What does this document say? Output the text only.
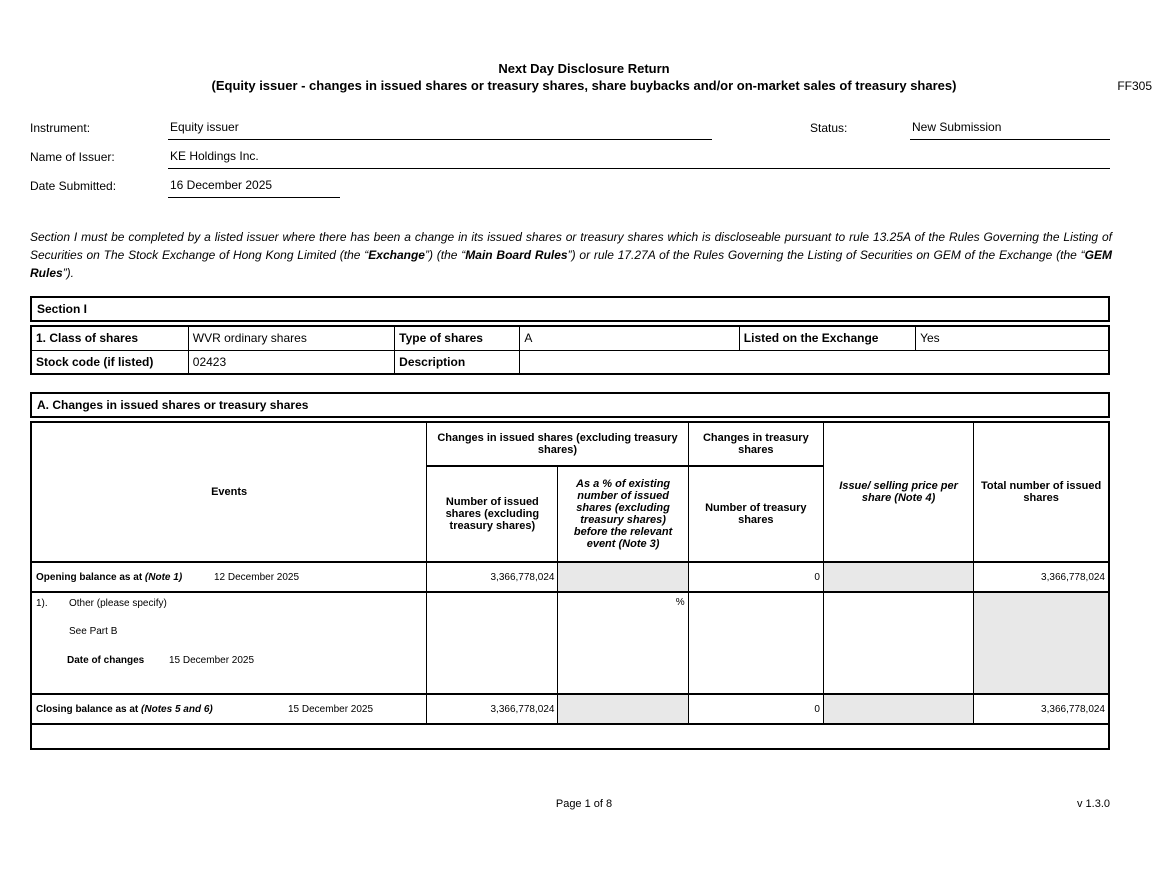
FF305
Next Day Disclosure Return
(Equity issuer - changes in issued shares or treasury shares, share buybacks and/or on-market sales of treasury shares)
Instrument:	Equity issuer	Status:	New Submission
Name of Issuer:	KE Holdings Inc.
Date Submitted:	16 December 2025
Section I must be completed by a listed issuer where there has been a change in its issued shares or treasury shares which is discloseable pursuant to rule 13.25A of the Rules Governing the Listing of Securities on The Stock Exchange of Hong Kong Limited (the “Exchange”) (the “Main Board Rules”) or rule 17.27A of the Rules Governing the Listing of Securities on GEM of the Exchange (the “GEM Rules”).
Section I
1. Class of shares	WVR ordinary shares	Type of shares	A	Listed on the Exchange	Yes
Stock code (if listed)	02423	Description			
A. Changes in issued shares or treasury shares
Events	Changes in issued shares (excluding treasury shares)		Changes in treasury shares	Issue/ selling price per share (Note 4)	Total number of issued shares
	Number of issued shares (excluding treasury shares)	As a % of existing number of issued shares (excluding treasury shares) before the relevant event (Note 3)	Number of treasury shares		

Opening balance as at (Note 1) 12 December 2025	3,366,778,024		0		3,366,778,024

1). Other (please specify)
See Part B
Date of changes 15 December 2025		%			

Closing balance as at (Notes 5 and 6) 15 December 2025	3,366,778,024		0		3,366,778,024

Page 1 of 8	v 1.3.0
